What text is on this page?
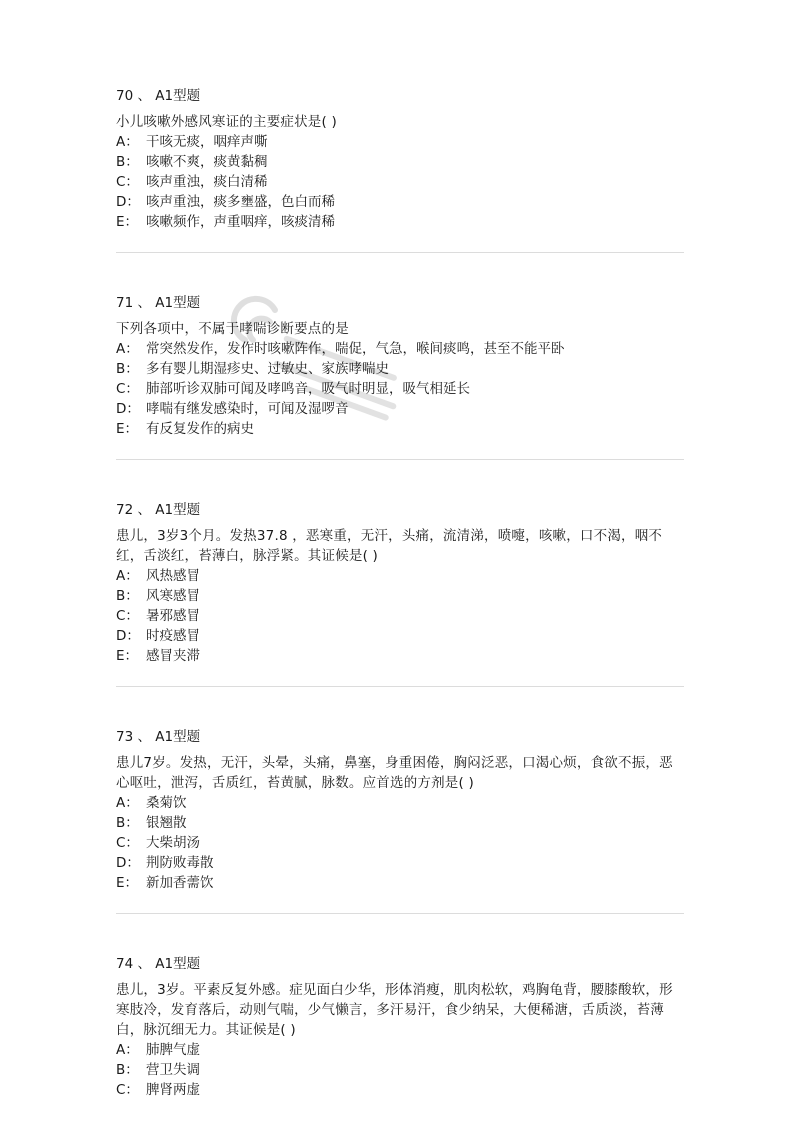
70 、 A1型题

小儿咳嗽外感风寒证的主要症状是( )

A： 干咳无痰，咽痒声嘶
B： 咳嗽不爽，痰黄黏稠
C： 咳声重浊，痰白清稀
D： 咳声重浊，痰多壅盛，色白而稀
E： 咳嗽频作，声重咽痒，咳痰清稀
71 、 A1型题

下列各项中，不属于哮喘诊断要点的是

A： 常突然发作，发作时咳嗽阵作，喘促，气急，喉间痰鸣，甚至不能平卧
B： 多有婴儿期湿疹史、过敏史、家族哮喘史
C： 肺部听诊双肺可闻及哮鸣音，吸气时明显，吸气相延长
D： 哮喘有继发感染时，可闻及湿啰音
E： 有反复发作的病史
72 、 A1型题

患儿，3岁3个月。发热37.8 ，恶寒重，无汗，头痛，流清涕，喷嚏，咳嗽，口不渴，咽不红，舌淡红，苔薄白，脉浮紧。其证候是( )

A： 风热感冒
B： 风寒感冒
C： 暑邪感冒
D： 时疫感冒
E： 感冒夹滞
73 、 A1型题

患儿7岁。发热，无汗，头晕，头痛，鼻塞，身重困倦，胸闷泛恶，口渴心烦，食欲不振，恶心呕吐，泄泻，舌质红，苔黄腻，脉数。应首选的方剂是( )

A： 桑菊饮
B： 银翘散
C： 大柴胡汤
D： 荆防败毒散
E： 新加香薷饮
74 、 A1型题

患儿，3岁。平素反复外感。症见面白少华，形体消瘦，肌肉松软，鸡胸龟背，腰膝酸软，形寒肢冷，发育落后，动则气喘，少气懒言，多汗易汗，食少纳呆，大便稀溏，舌质淡，苔薄白，脉沉细无力。其证候是( )

A： 肺脾气虚
B： 营卫失调
C： 脾肾两虚
